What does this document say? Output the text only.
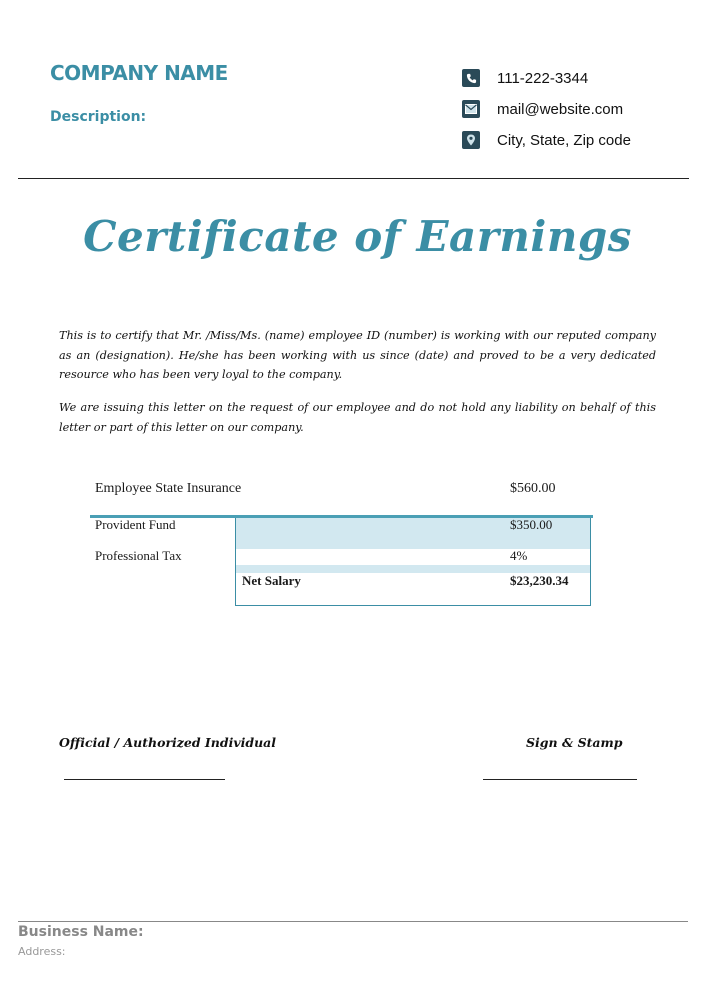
COMPANY NAME
Description:
111-222-3344
mail@website.com
City, State, Zip code
Certificate of Earnings
This is to certify that Mr. /Miss/Ms. (name) employee ID (number) is working with our reputed company as an (designation). He/she has been working with us since (date) and proved to be a very dedicated resource who has been very loyal to the company.
We are issuing this letter on the request of our employee and do not hold any liability on behalf of this letter or part of this letter on our company.
Employee State Insurance	$560.00
Provident Fund	$350.00
Professional Tax	4%
Net Salary	$23,230.34
Official / Authorized Individual	Sign & Stamp
Business Name:
Address:
